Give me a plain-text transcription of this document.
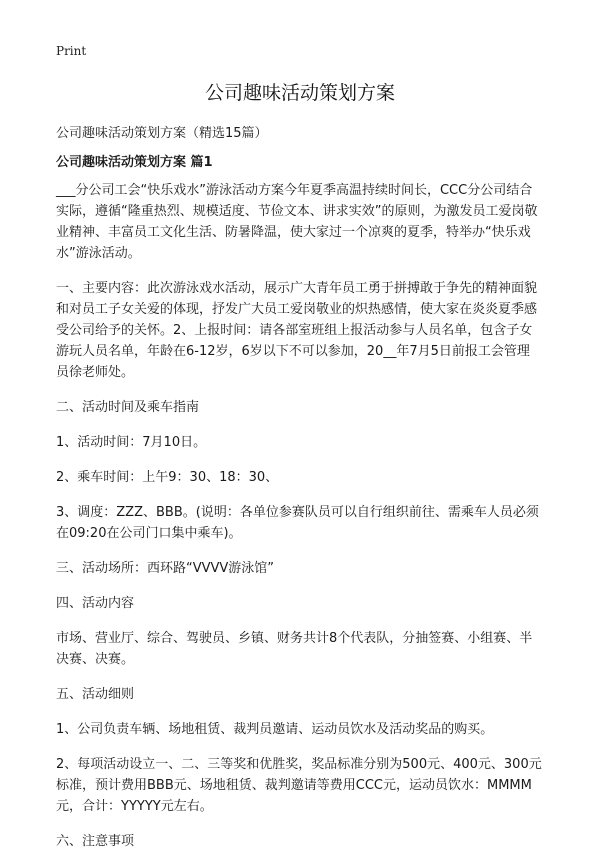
Print
公司趣味活动策划方案

公司趣味活动策划方案（精选15篇）

公司趣味活动策划方案 篇1

___分公司工会“快乐戏水”游泳活动方案今年夏季高温持续时间长，CCC分公司结合实际，遵循“隆重热烈、规模适度、节俭文本、讲求实效”的原则，为激发员工爱岗敬业精神、丰富员工文化生活、防暑降温，使大家过一个凉爽的夏季，特举办“快乐戏水”游泳活动。

一、主要内容：此次游泳戏水活动，展示广大青年员工勇于拼搏敢于争先的精神面貌和对员工子女关爱的体现，抒发广大员工爱岗敬业的炽热感情，使大家在炎炎夏季感受公司给予的关怀。2、上报时间：请各部室班组上报活动参与人员名单，包含子女游玩人员名单，年龄在6-12岁，6岁以下不可以参加，20__年7月5日前报工会管理员徐老师处。

二、活动时间及乘车指南

1、活动时间：7月10日。

2、乘车时间：上午9：30、18：30、

3、调度：ZZZ、BBB。(说明：各单位参赛队员可以自行组织前往、需乘车人员必须在09:20在公司门口集中乘车)。

三、活动场所：西环路“VVVV游泳馆”

四、活动内容

市场、营业厅、综合、驾驶员、乡镇、财务共计8个代表队，分抽签赛、小组赛、半决赛、决赛。

五、活动细则

1、公司负责车辆、场地租赁、裁判员邀请、运动员饮水及活动奖品的购买。

2、每项活动设立一、二、三等奖和优胜奖，奖品标准分别为500元、400元、300元标准，预计费用BBB元、场地租赁、裁判邀请等费用CCC元，运动员饮水：MMMM元，合计：YYYYY元左右。

六、注意事项
